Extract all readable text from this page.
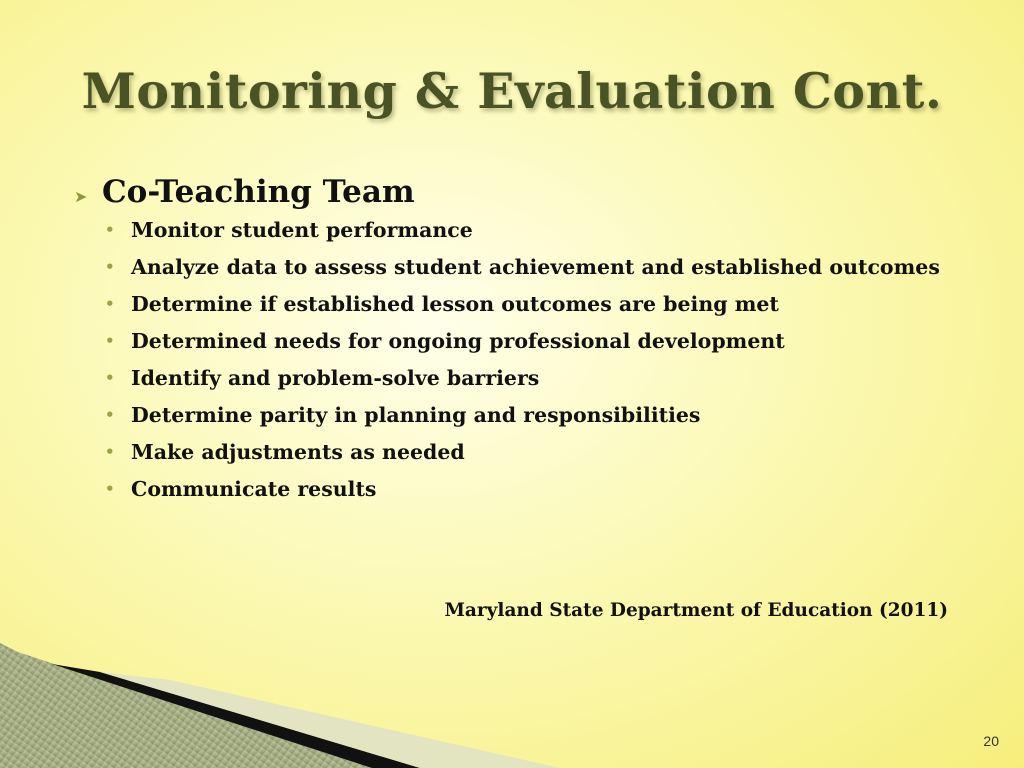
Monitoring & Evaluation Cont.
➤ Co-Teaching Team
• Monitor student performance
• Analyze data to assess student achievement and established outcomes
• Determine if established lesson outcomes are being met
• Determined needs for ongoing professional development
• Identify and problem-solve barriers
• Determine parity in planning and responsibilities
• Make adjustments as needed
• Communicate results
Maryland State Department of Education (2011)
20
